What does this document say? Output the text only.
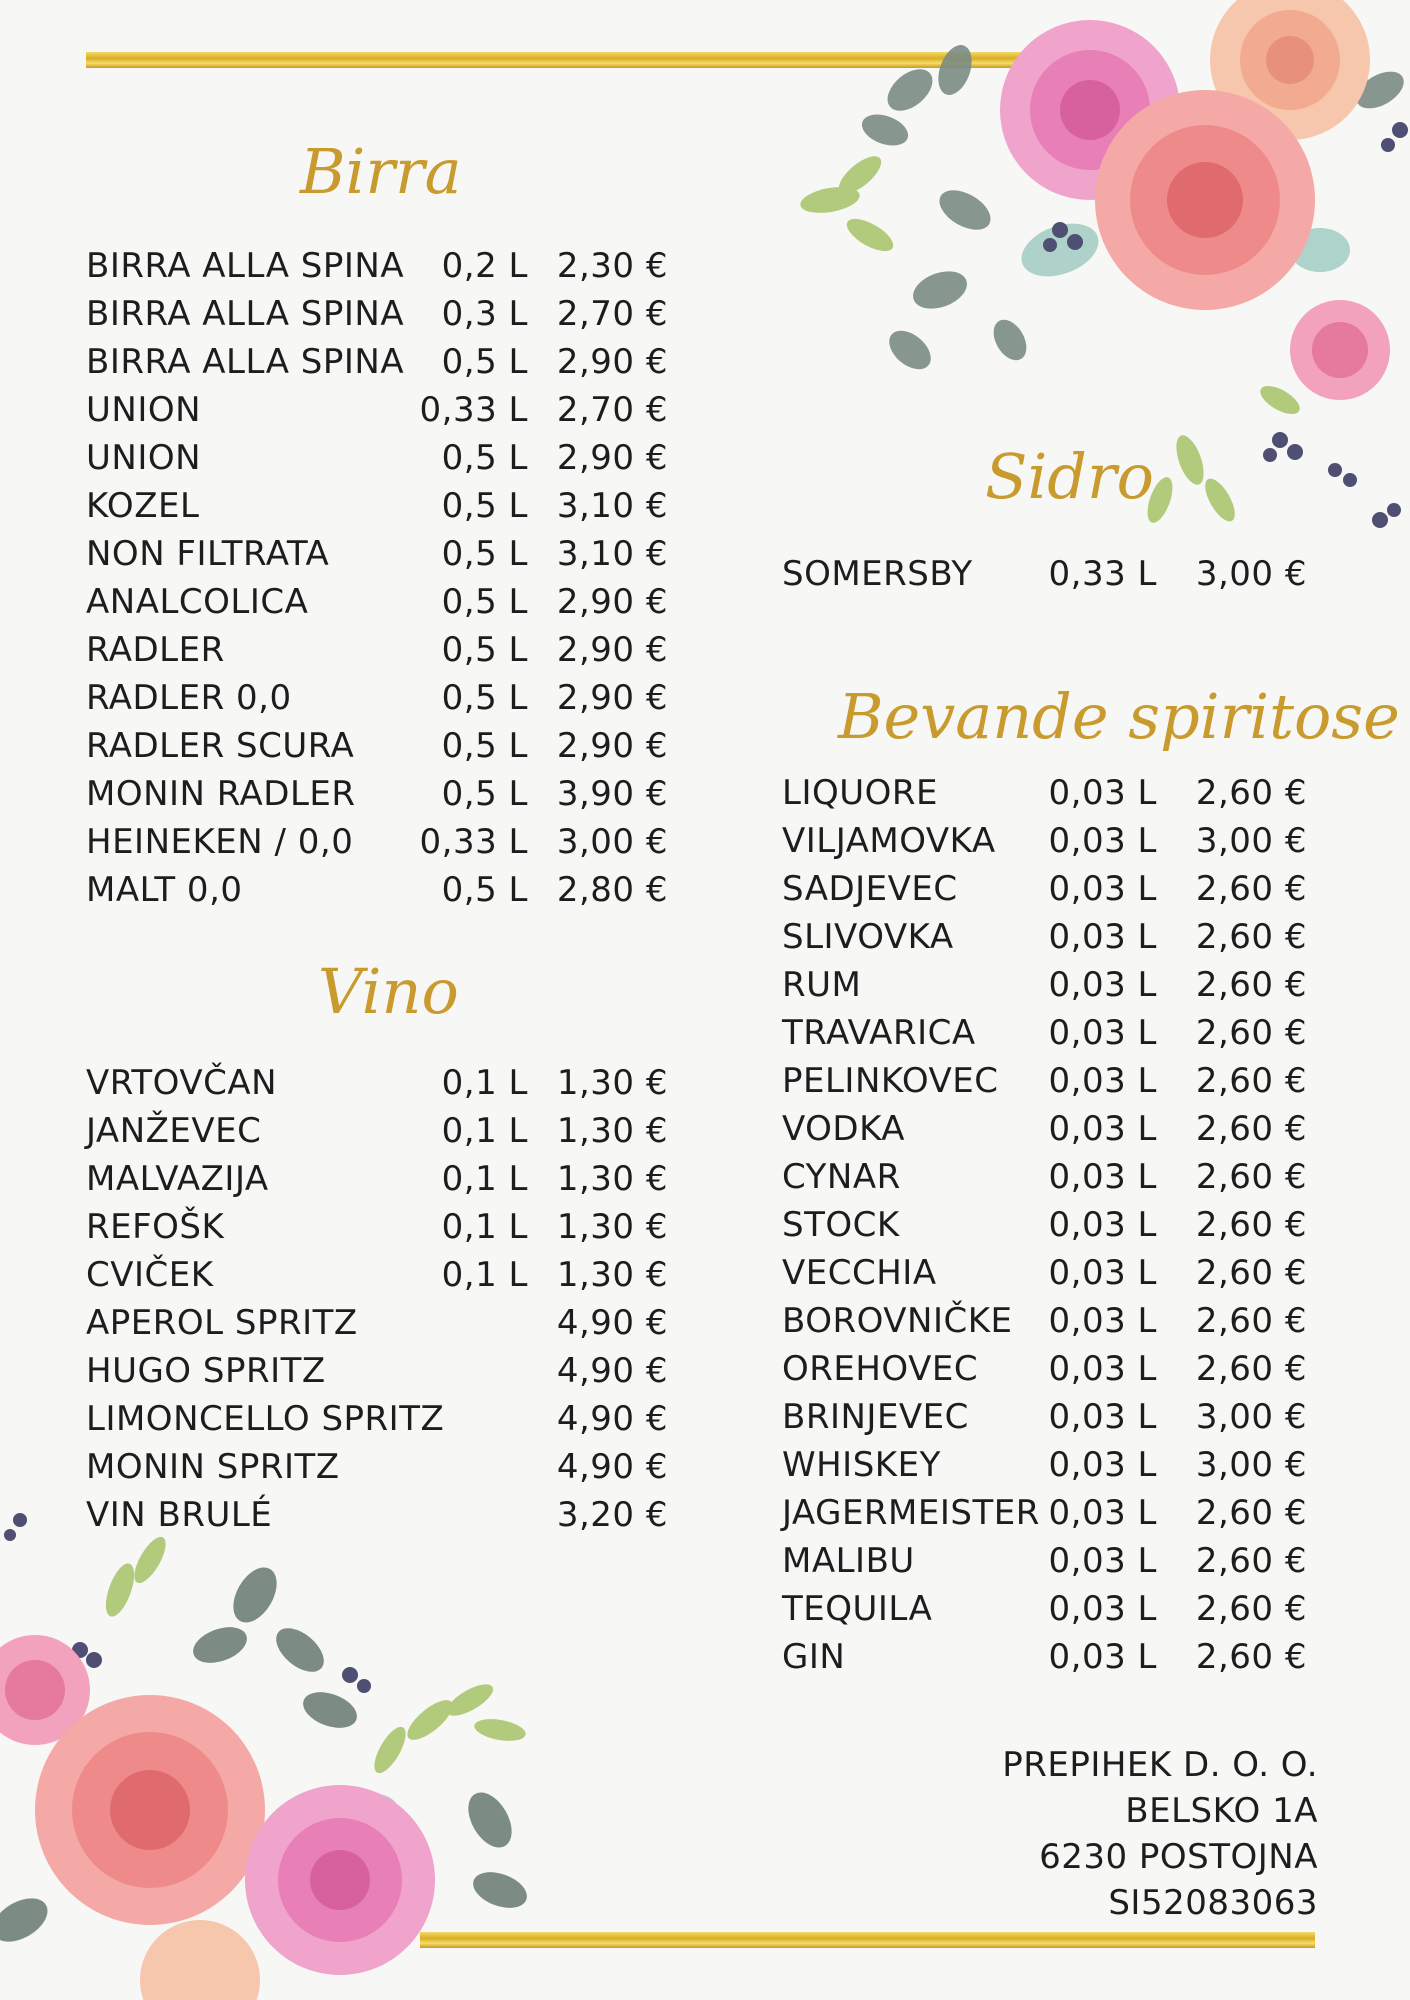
Birra
BIRRA ALLA SPINA 0,2 L 2,30 €
BIRRA ALLA SPINA 0,3 L 2,70 €
BIRRA ALLA SPINA 0,5 L 2,90 €
UNION	0,33 L 2,70 €
UNION	0,5 L 2,90 €
KOZEL	0,5 L 3,10 €
NON FILTRATA	0,5 L 3,10 €
ANALCOLICA	0,5 L 2,90 €
RADLER	0,5 L 2,90 €
RADLER 0,0	0,5 L 2,90 €
RADLER SCURA	0,5 L 2,90 €
MONIN RADLER	0,5 L 3,90 €
HEINEKEN / 0,0 0,33 L 3,00 €
MALT 0,0	0,5 L 2,80 €
Vino
VRTOVČAN	0,1 L 1,30 €
JANŽEVEC	0,1 L 1,30 €
MALVAZIJA	0,1 L 1,30 €
REFOŠK	0,1 L 1,30 €
CVIČEK	0,1 L 1,30 €
APEROL SPRITZ	4,90 €
HUGO SPRITZ	4,90 €
LIMONCELLO SPRITZ	4,90 €
MONIN SPRITZ	4,90 €
VIN BRULÉ	3,20 €
Sidro
SOMERSBY 0,33 L 3,00 €
Bevande spiritose
LIQUORE	0,03 L 2,60 €
VILJAMOVKA 0,03 L 3,00 €
SADJEVEC	0,03 L 2,60 €
SLIVOVKA	0,03 L 2,60 €
RUM	0,03 L 2,60 €
TRAVARICA 0,03 L 2,60 €
PELINKOVEC 0,03 L 2,60 €
VODKA	0,03 L 2,60 €
CYNAR	0,03 L 2,60 €
STOCK	0,03 L 2,60 €
VECCHIA	0,03 L 2,60 €
BOROVNIČKE 0,03 L 2,60 €
OREHOVEC 0,03 L 2,60 €
BRINJEVEC 0,03 L 3,00 €
WHISKEY	0,03 L 3,00 €
JAGERMEISTER 0,03 L 2,60 €
MALIBU	0,03 L 2,60 €
TEQUILA	0,03 L 2,60 €
GIN	0,03 L 2,60 €
PREPIHEK D. O. O.
BELSKO 1A
6230 POSTOJNA
SI52083063
